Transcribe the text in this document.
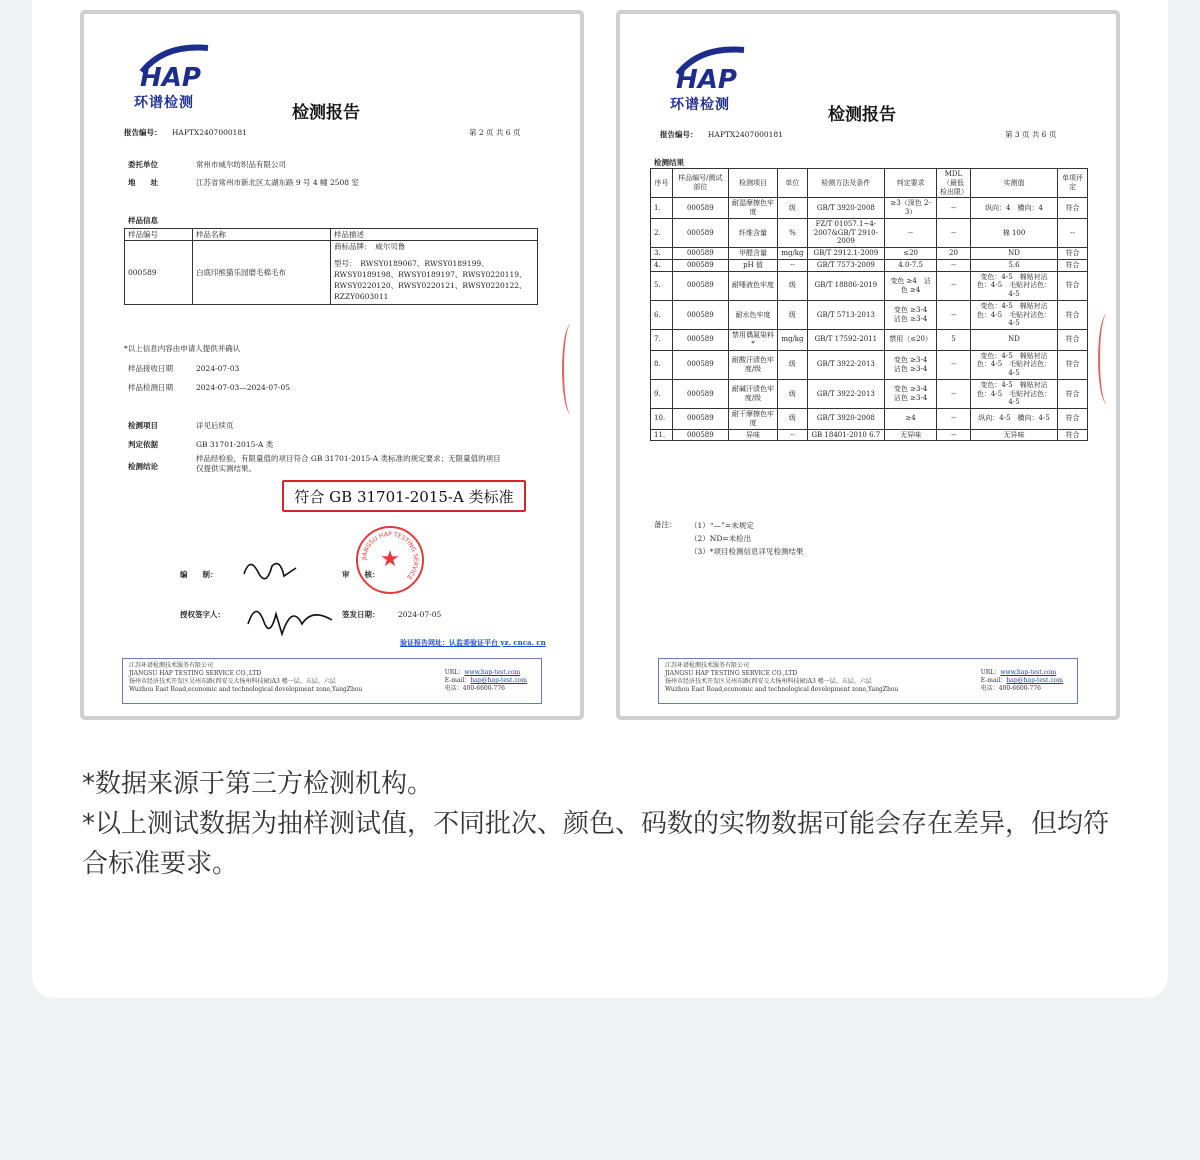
HAP
环谱检测	检测报告
报告编号： HAPTX2407000181	第 2 页 共 6 页
委托单位	常州市威尔纺织品有限公司
地　　址	江苏省常州市新北区太湖东路 9 号 4 幢 2508 室
样品信息
样品编号	样品名称	样品描述
000589	白底印熊猫乐园磨毛棉毛布	商标品牌：　威尔贝鲁
型号：　RWSY0189067、RWSY0189199、
RWSY0189198、RWSY0189197、RWSY0220119、
RWSY0220120、RWSY0220121、RWSY0220122、
RZZY0603011
*以上信息内容由申请人提供并确认
样品接收日期	2024-07-03
样品检测日期	2024-07-03—2024-07-05
检测项目	详见后续页
判定依据	GB 31701-2015-A 类
检测结论
样品经检验，有限量值的项目符合 GB 31701-2015-A 类标准的规定要求；无限量值的项目
仅提供实测结果。
符合 GB 31701-2015-A 类标准
编　　制：	审　　核：
授权签字人：	签发日期： 2024-07-05
JIANGSU HAP TESTING SERVICE
★
验证报告网址：认监委验证平台 yz. cnca. cn
江苏环谱检测技术服务有限公司
JIANGSU HAP TESTING SERVICE CO.,LTD
扬州市经济技术开发区吴州东路(西安交大扬州科技园)A3 楼一层、五层、六层
Wuzhou East Road,economic and technological development zone,YangZhou
URL：www.hap-test.com
E-mail：hap@hap-test.com
电话：400-6600-776
HAP
环谱检测	检测报告
报告编号： HAPTX2407000181	第 3 页 共 6 页
检测结果
序号	样品编号/测试部位	检测项目	单位	检测方法及条件	判定要求	MDL（最低检出限）	实测值	单项评定
1.	000589	耐湿摩擦色牢度	级	GB/T 3920-2008	≥3（深色 2-3）	--	纵向：4　横向：4	符合
2.	000589	纤维含量	%	FZ/T 01057.1~4-2007&GB/T 2910-2009	--	--	棉 100	--
3.	000589	甲醛含量	mg/kg	GB/T 2912.1-2009	≤20	20	ND	符合
4.	000589	pH 值	--	GB/T 7573-2009	4.0-7.5	--	5.6	符合
5.	000589	耐唾液色牢度	级	GB/T 18886-2019	变色 ≥4　沾色 ≥4	--	变色：4-5　棉贴衬沾色：4-5　毛贴衬沾色：4-5	符合
6.	000589	耐水色牢度	级	GB/T 5713-2013	变色 ≥3-4　沾色 ≥3-4	--	变色：4-5　棉贴衬沾色：4-5　毛贴衬沾色：4-5	符合
7.	000589	禁用偶氮染料*	mg/kg	GB/T 17592-2011	禁用（≤20）	5	ND	符合
8.	000589	耐酸汗渍色牢度/级	级	GB/T 3922-2013	变色 ≥3-4　沾色 ≥3-4	--	变色：4-5　棉贴衬沾色：4-5　毛贴衬沾色：4-5	符合
9.	000589	耐碱汗渍色牢度/级	级	GB/T 3922-2013	变色 ≥3-4　沾色 ≥3-4	--	变色：4-5　棉贴衬沾色：4-5　毛贴衬沾色：4-5	符合
10.	000589	耐干摩擦色牢度	级	GB/T 3920-2008	≥4	--	纵向：4-5　横向：4-5	符合
11.	000589	异味	--	GB 18401-2010 6.7	无异味	--	无异味	符合
备注： （1）“—”=未规定
（2）ND=未检出
（3）*项目检测信息详见检测结果
江苏环谱检测技术服务有限公司
JIANGSU HAP TESTING SERVICE CO.,LTD
扬州市经济技术开发区吴州东路(西安交大扬州科技园)A3 楼一层、五层、六层
Wuzhou East Road,economic and technological development zone,YangZhou
URL：www.hap-test.com
E-mail：hap@hap-test.com
电话：400-6600-776

*数据来源于第三方检测机构。

*以上测试数据为抽样测试值，不同批次、颜色、码数的实物数据可能会存在差异，但均符合标准要求。
